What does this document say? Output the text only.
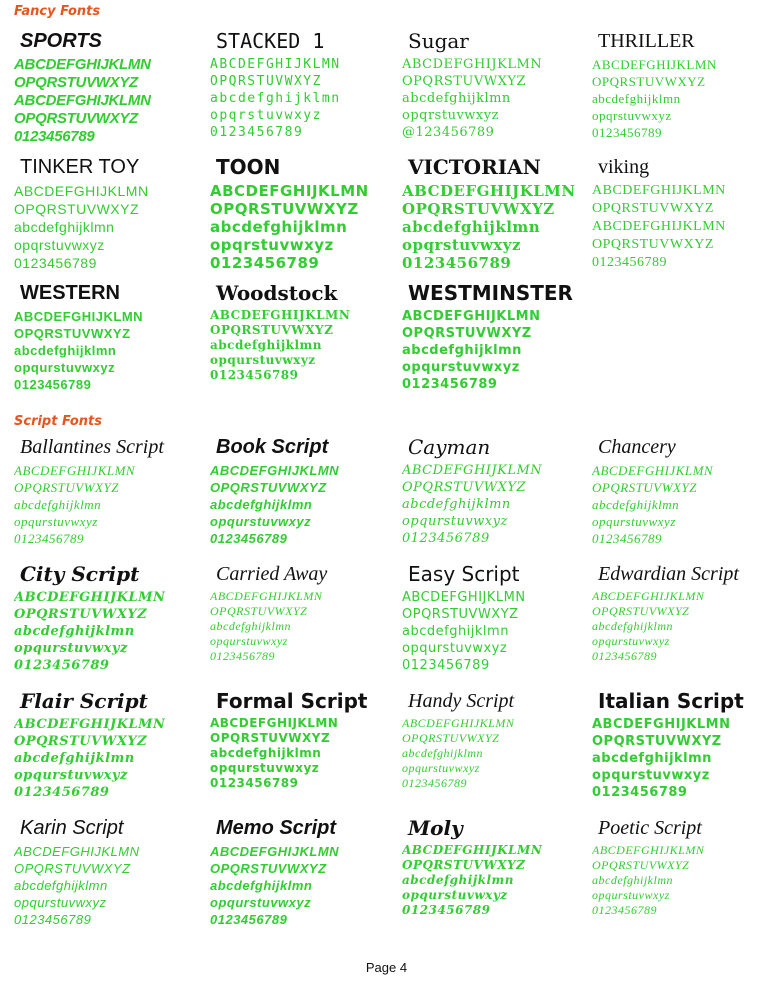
Fancy Fonts
SPORTS
ABCDEFGHIJKLMN
OPQRSTUVWXYZ
ABCDEFGHIJKLMN
OPQRSTUVWXYZ
0123456789
STACKED 1
ABCDEFGHIJKLMN
OPQRSTUVWXYZ
abcdefghijklmn
opqrstuvwxyz
0123456789
Sugar
ABCDEFGHIJKLMN
OPQRSTUVWXYZ
abcdefghijklmn
opqrstuvwxyz
@123456789
THRILLER
ABCDEFGHIJKLMN
OPQRSTUVWXYZ
abcdefghijklmn
opqrstuvwxyz
0123456789
TINKER TOY
ABCDEFGHIJKLMN
OPQRSTUVWXYZ
abcdefghijklmn
opqrstuvwxyz
0123456789
TOON
ABCDEFGHIJKLMN
OPQRSTUVWXYZ
abcdefghijklmn
opqrstuvwxyz
0123456789
VICTORIAN
ABCDEFGHIJKLMN
OPQRSTUVWXYZ
abcdefghijklmn
opqrstuvwxyz
0123456789
viking
ABCDEFGHIJKLMN
OPQRSTUVWXYZ
ABCDEFGHIJKLMN
OPQRSTUVWXYZ
0123456789
WESTERN
ABCDEFGHIJKLMN
OPQRSTUVWXYZ
abcdefghijklmn
opqurstuvwxyz
0123456789
Woodstock
ABCDEFGHIJKLMN
OPQRSTUVWXYZ
abcdefghijklmn
opqurstuvwxyz
0123456789
WESTMINSTER
ABCDEFGHIJKLMN
OPQRSTUVWXYZ
abcdefghijklmn
opqurstuvwxyz
0123456789
Script Fonts
Ballantines Script
ABCDEFGHIJKLMN
OPQRSTUVWXYZ
abcdefghijklmn
opqurstuvwxyz
0123456789
Book Script
ABCDEFGHIJKLMN
OPQRSTUVWXYZ
abcdefghijklmn
opqurstuvwxyz
0123456789
Cayman
ABCDEFGHIJKLMN
OPQRSTUVWXYZ
abcdefghijklmn
opqurstuvwxyz
0123456789
Chancery
ABCDEFGHIJKLMN
OPQRSTUVWXYZ
abcdefghijklmn
opqurstuvwxyz
0123456789
City Script
ABCDEFGHIJKLMN
OPQRSTUVWXYZ
abcdefghijklmn
opqurstuvwxyz
0123456789
Carried Away
ABCDEFGHIJKLMN
OPQRSTUVWXYZ
abcdefghijklmn
opqurstuvwxyz
0123456789
Easy Script
ABCDEFGHIJKLMN
OPQRSTUVWXYZ
abcdefghijklmn
opqurstuvwxyz
0123456789
Edwardian Script
ABCDEFGHIJKLMN
OPQRSTUVWXYZ
abcdefghijklmn
opqurstuvwxyz
0123456789
Flair Script
ABCDEFGHIJKLMN
OPQRSTUVWXYZ
abcdefghijklmn
opqurstuvwxyz
0123456789
Formal Script
ABCDEFGHIJKLMN
OPQRSTUVWXYZ
abcdefghijklmn
opqurstuvwxyz
0123456789
Handy Script
ABCDEFGHIJKLMN
OPQRSTUVWXYZ
abcdefghijklmn
opqurstuvwxyz
0123456789
Italian Script
ABCDEFGHIJKLMN
OPQRSTUVWXYZ
abcdefghijklmn
opqurstuvwxyz
0123456789
Karin Script
ABCDEFGHIJKLMN
OPQRSTUVWXYZ
abcdefghijklmn
opqurstuvwxyz
0123456789
Memo Script
ABCDEFGHIJKLMN
OPQRSTUVWXYZ
abcdefghijklmn
opqurstuvwxyz
0123456789
Moly
ABCDEFGHIJKLMN
OPQRSTUVWXYZ
abcdefghijklmn
opqurstuvwxyz
0123456789
Poetic Script
ABCDEFGHIJKLMN
OPQRSTUVWXYZ
abcdefghijklmn
opqurstuvwxyz
0123456789
Page 4
